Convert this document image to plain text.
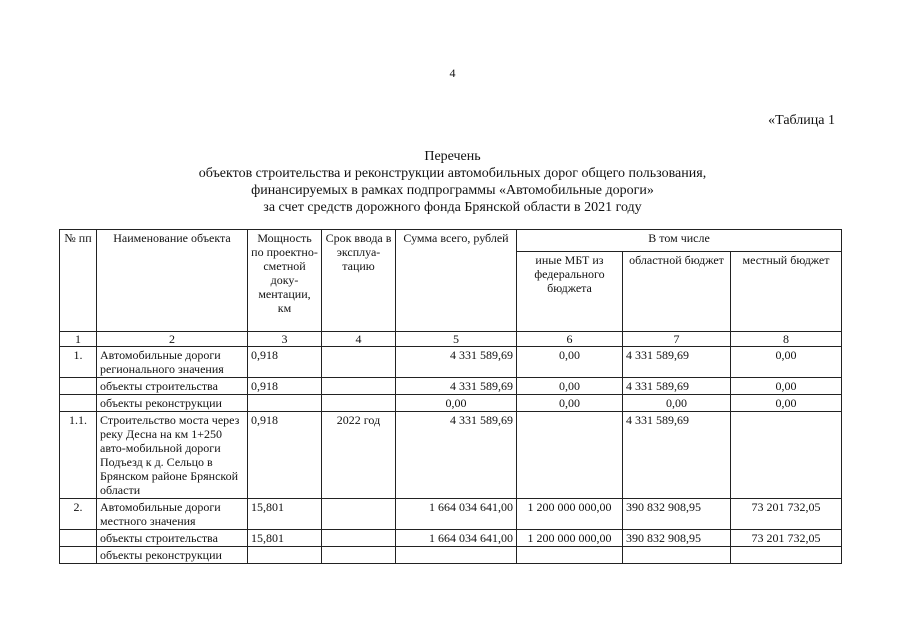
4
«Таблица 1
Перечень
объектов строительства и реконструкции автомобильных дорог общего пользования,
финансируемых в рамках подпрограммы «Автомобильные дороги»
за счет средств дорожного фонда Брянской области в 2021 году
№ пп	Наименование объекта	Мощность по проектно-сметной доку-ментации, км	Срок ввода в эксплуа-тацию	Сумма всего, рублей	В том числе		
					иные МБТ из федерального бюджета	областной бюджет	местный бюджет
1	2	3	4	5	6	7	8
1.	Автомобильные дороги регионального значения	0,918		4 331 589,69	0,00	4 331 589,69	0,00
	объекты строительства	0,918		4 331 589,69	0,00	4 331 589,69	0,00
	объекты реконструкции			0,00	0,00	0,00	0,00
1.1.	Строительство моста через реку Десна на км 1+250 авто-мобильной дороги Подъезд к д. Сельцо в Брянском районе Брянской области	0,918	2022 год	4 331 589,69		4 331 589,69	
2.	Автомобильные дороги местного значения	15,801		1 664 034 641,00	1 200 000 000,00	390 832 908,95	73 201 732,05
	объекты строительства	15,801		1 664 034 641,00	1 200 000 000,00	390 832 908,95	73 201 732,05
	объекты реконструкции						
